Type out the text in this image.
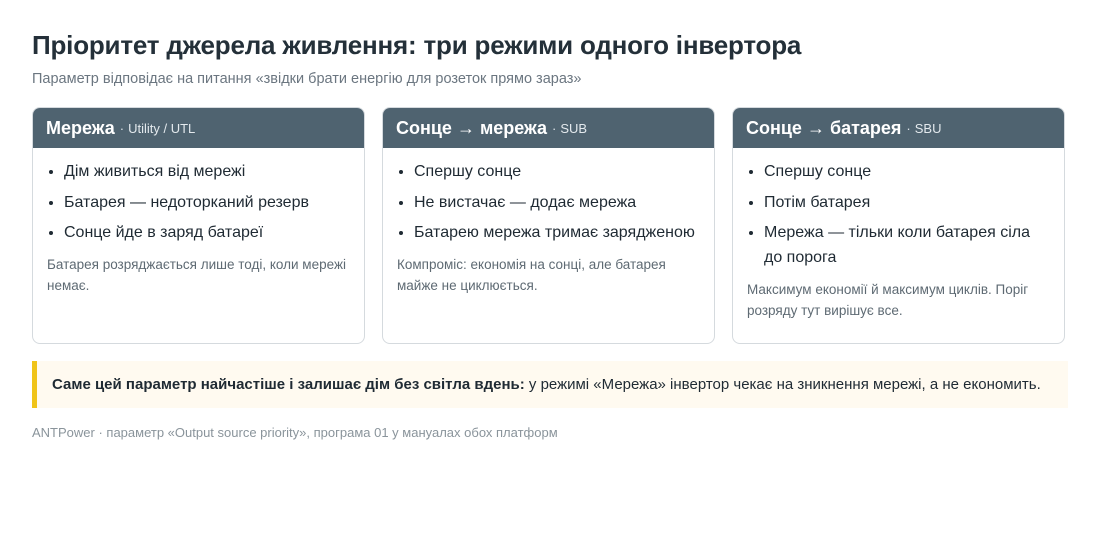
Пріоритет джерела живлення: три режими одного інвертора
Параметр відповідає на питання «звідки брати енергію для розеток прямо зараз»
Мережа · Utility / UTL
• Дім живиться від мережі
• Батарея — недоторканий резерв
• Сонце йде в заряд батареї
Батарея розряджається лише тоді, коли мережі немає.
Сонце → мережа · SUB
• Спершу сонце
• Не вистачає — додає мережа
• Батарею мережа тримає зарядженою
Компроміс: економія на сонці, але батарея майже не циклюється.
Сонце → батарея · SBU
• Спершу сонце
• Потім батарея
• Мережа — тільки коли батарея сіла до порога
Максимум економії й максимум циклів. Поріг розряду тут вирішує все.
Саме цей параметр найчастіше і залишає дім без світла вдень: у режимі «Мережа» інвертор чекає на зникнення мережі, а не економить.
ANTPower · параметр «Output source priority», програма 01 у мануалах обох платформ
